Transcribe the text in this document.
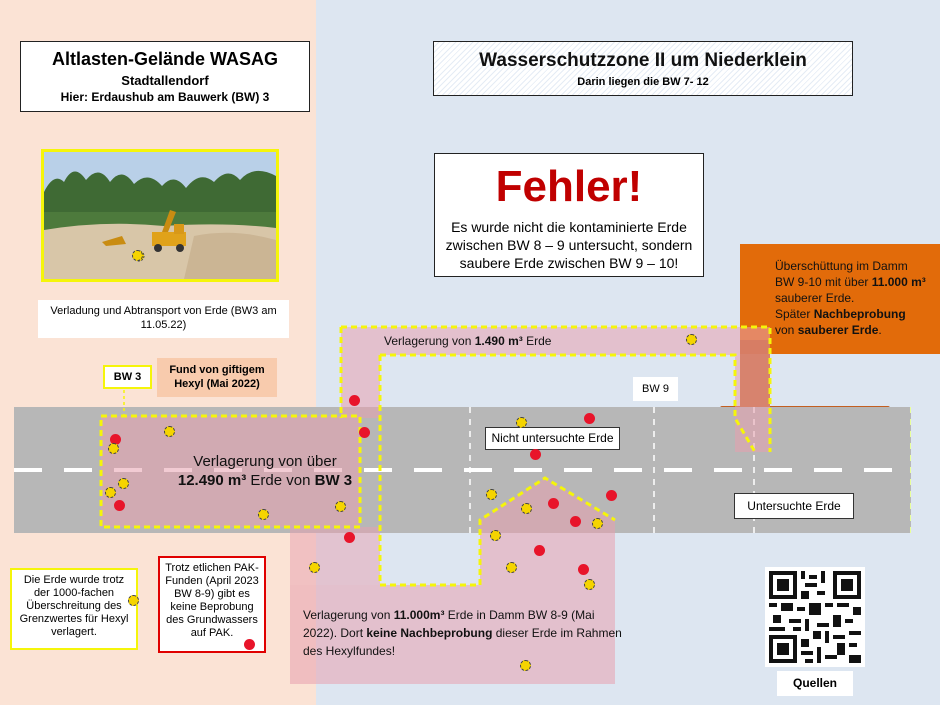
Altlasten-Gelände WASAG
Stadtallendorf
Hier: Erdaushub am Bauwerk (BW) 3
Wasserschutzzone II um Niederklein
Darin liegen die BW 7- 12
Verladung und Abtransport von Erde (BW3 am 11.05.22)
Fehler!
Es wurde nicht die kontaminierte Erde zwischen BW 8 – 9 untersucht, sondern saubere Erde zwischen BW 9 – 10!	Überschüttung im Damm
BW 9-10 mit über 11.000 m³
sauberer Erde.
Später Nachbeprobung
von sauberer Erde.
BW 3
Fund von giftigem Hexyl (Mai 2022)	BW 9
Verlagerung von 1.490 m³ Erde
Nicht untersuchte Erde
Untersuchte Erde
Verlagerung von über
12.490 m³ Erde von BW 3
Verlagerung von 11.000m³ Erde in Damm BW 8-9 (Mai 2022). Dort keine Nachbeprobung dieser Erde im Rahmen des Hexylfundes!
Die Erde wurde trotz der 1000-fachen Überschreitung des Grenzwertes für Hexyl verlagert.
Trotz etlichen PAK-Funden (April 2023 BW 8-9) gibt es keine Beprobung des Grundwassers auf PAK.
Quellen
